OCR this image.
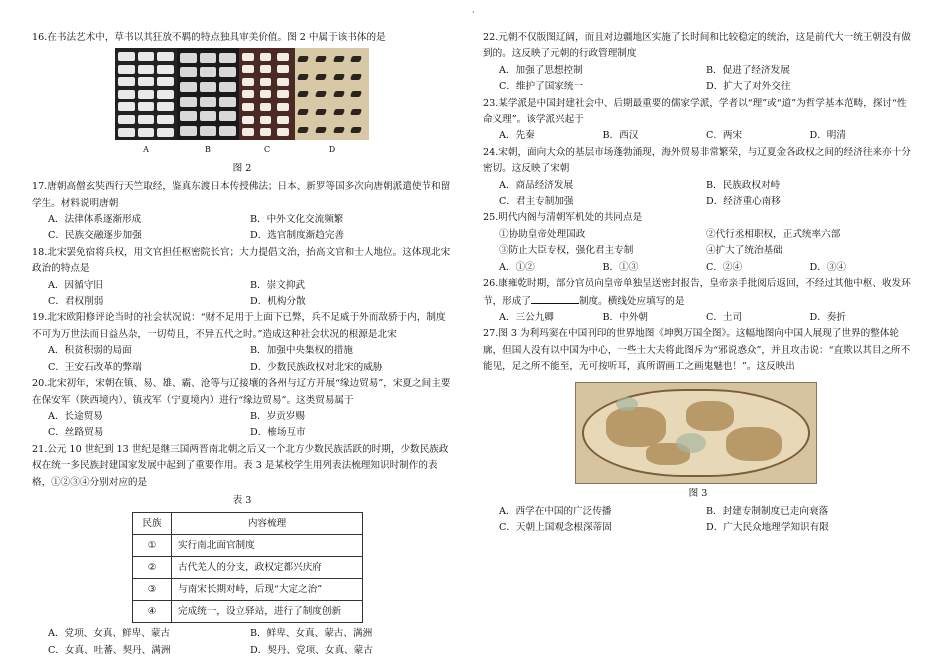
·
16.在书法艺术中，草书以其狂放不羁的特点独具审美价值。图 2 中属于该书体的是
A	B	C	D
图 2
17.唐朝高僧玄奘西行天竺取经，鉴真东渡日本传授佛法；日本、新罗等国多次向唐朝派遣使节和留学生。材料说明唐朝
A．法律体系逐渐形成	B．中外文化交流频繁
C．民族交融逐步加强	D．选官制度渐趋完善
18.北宋罢免宿将兵权，用文官担任枢密院长官；大力提倡文治，抬高文官和士人地位。这体现北宋政治的特点是
A．因循守旧	B．崇文抑武
C．君权削弱	D．机构分散
19.北宋欧阳修评论当时的社会状况说：“财不足用于上面下已弊，兵不足威于外而敌骄于内，制度不可为万世法而日益丛杂，一切苟且，不异五代之时。”造成这种社会状况的根源是北宋
A．积贫积弱的局面	B．加强中央集权的措施
C．王安石改革的弊端	D．少数民族政权对北宋的威胁
20.北宋初年，宋朝在镇、易、雄、霸、沧等与辽接壤的各州与辽方开展“缘边贸易”，宋夏之间主要在保安军（陕西境内）、镇戎军（宁夏境内）进行“缘边贸易”。这类贸易属于
A．长途贸易	B．岁贡岁赐
C．丝路贸易	D．榷场互市
21.公元 10 世纪到 13 世纪是继三国两晋南北朝之后又一个北方少数民族活跃的时期，少数民族政权在统一多民族封建国家发展中起到了重要作用。表 3 是某校学生用列表法梳理知识时制作的表格，①②③④分别对应的是
表 3
民族	内容梳理
①	实行南北面官制度
②	古代羌人的分支，政权定都兴庆府
③	与南宋长期对峙，后现“大定之治”
④	完成统一，设立驿站，进行了制度创新
A．党项、女真、鲜卑、蒙古	B．鲜卑、女真、蒙古、满洲
C．女真、吐蕃、契丹、满洲	D．契丹、党项、女真、蒙古
22.元朝不仅版图辽阔，而且对边疆地区实施了长时间和比较稳定的统治，这是前代大一统王朝没有做到的。这反映了元朝的行政管理制度
A．加强了思想控制	B．促进了经济发展
C．维护了国家统一	D．扩大了对外交往
23.某学派是中国封建社会中、后期最重要的儒家学派，学者以“理”或“道”为哲学基本范畴，探讨“性命义理”。该学派兴起于
A．先秦	B．西汉	C．两宋	D．明清
24.宋朝，面向大众的基层市场蓬勃涌现，海外贸易非常繁荣，与辽夏金各政权之间的经济往来亦十分密切。这反映了宋朝
A．商品经济发展	B．民族政权对峙
C．君主专制加强	D．经济重心南移
25.明代内阁与清朝军机处的共同点是
①协助皇帝处理国政	②代行丞相职权，正式统率六部
③防止大臣专权，强化君主专制	④扩大了统治基础
A．①②	B．①③	C．②④	D．③④
26.康雍乾时期，部分官员向皇帝单独呈送密封报告，皇帝亲手批阅后返回，不经过其他中枢、收发环节，形成了	制度。横线处应填写的是
A．三公九卿	B．中外朝	C．土司	D．奏折
27.图 3 为利玛窦在中国刊印的世界地图《坤舆万国全图》。这幅地图向中国人展现了世界的整体轮廓，但国人没有以中国为中心，一些士大夫将此图斥为“邪说惑众”，并且攻击说：“直欺以其目之所不能见，足之所不能至，无可按听耳，真所谓画工之画鬼魅也！”。这反映出
图 3
A．西学在中国的广泛传播	B．封建专制制度已走向衰落
C．天朝上国观念根深蒂固	D．广大民众地理学知识有限
